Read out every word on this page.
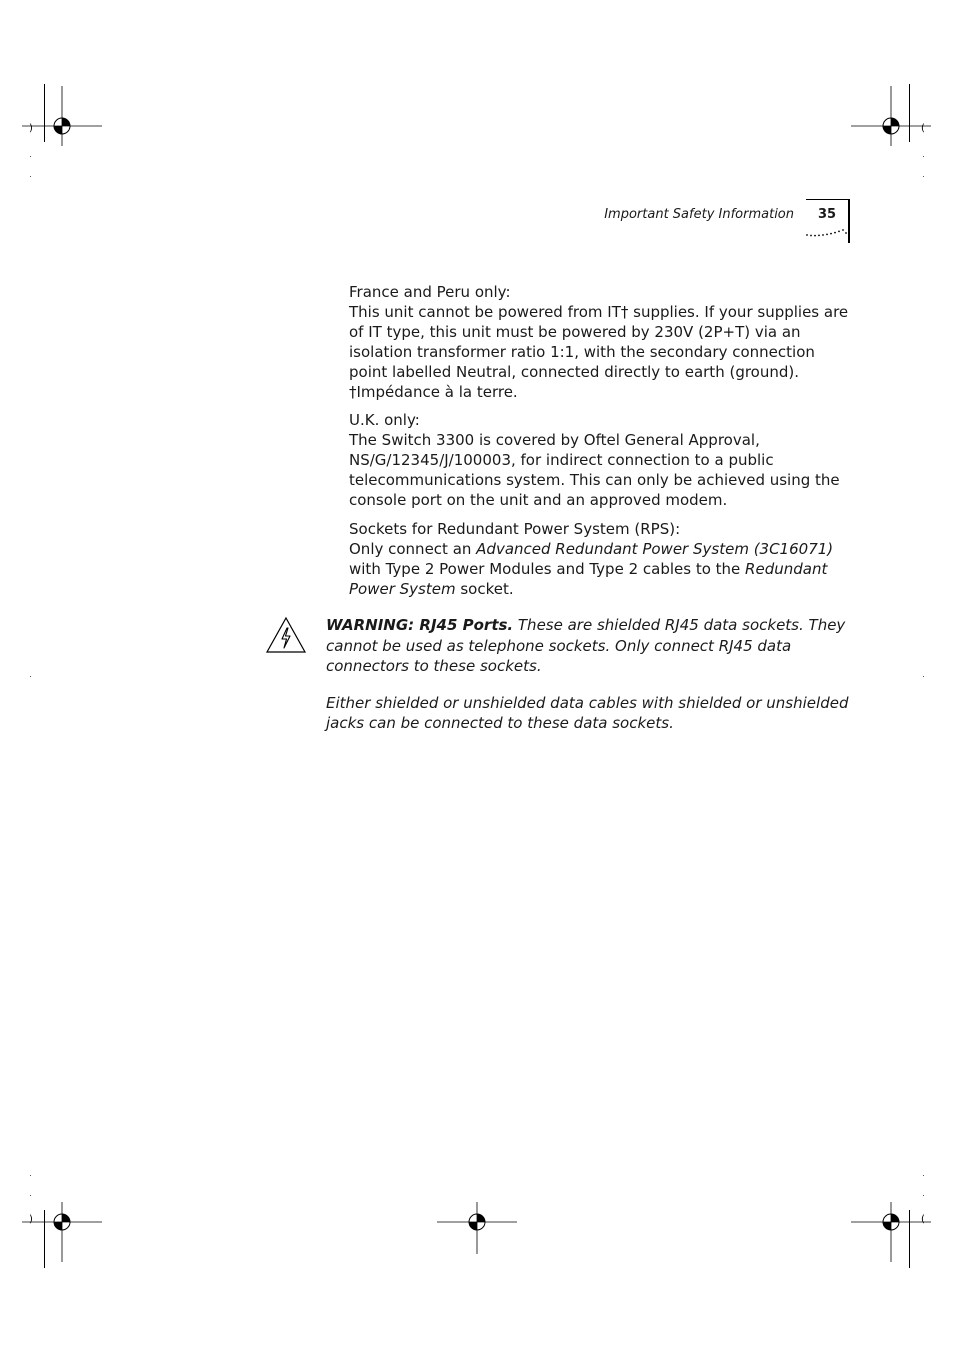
)	(
)	(
Important Safety Information 35

France and Peru only:

This unit cannot be powered from IT† supplies. If your supplies are of IT type, this unit must be powered by 230V (2P+T) via an isolation transformer ratio 1:1, with the secondary connection point labelled Neutral, connected directly to earth (ground).

†Impédance à la terre.

U.K. only:

The Switch 3300 is covered by Oftel General Approval, NS/G/12345/J/100003, for indirect connection to a public telecommunications system. This can only be achieved using the console port on the unit and an approved modem.

Sockets for Redundant Power System (RPS):

Only connect an Advanced Redundant Power System (3C16071) with Type 2 Power Modules and Type 2 cables to the Redundant Power System socket.

WARNING: RJ45 Ports. These are shielded RJ45 data sockets. They cannot be used as telephone sockets. Only connect RJ45 data connectors to these sockets.

Either shielded or unshielded data cables with shielded or unshielded jacks can be connected to these data sockets.
